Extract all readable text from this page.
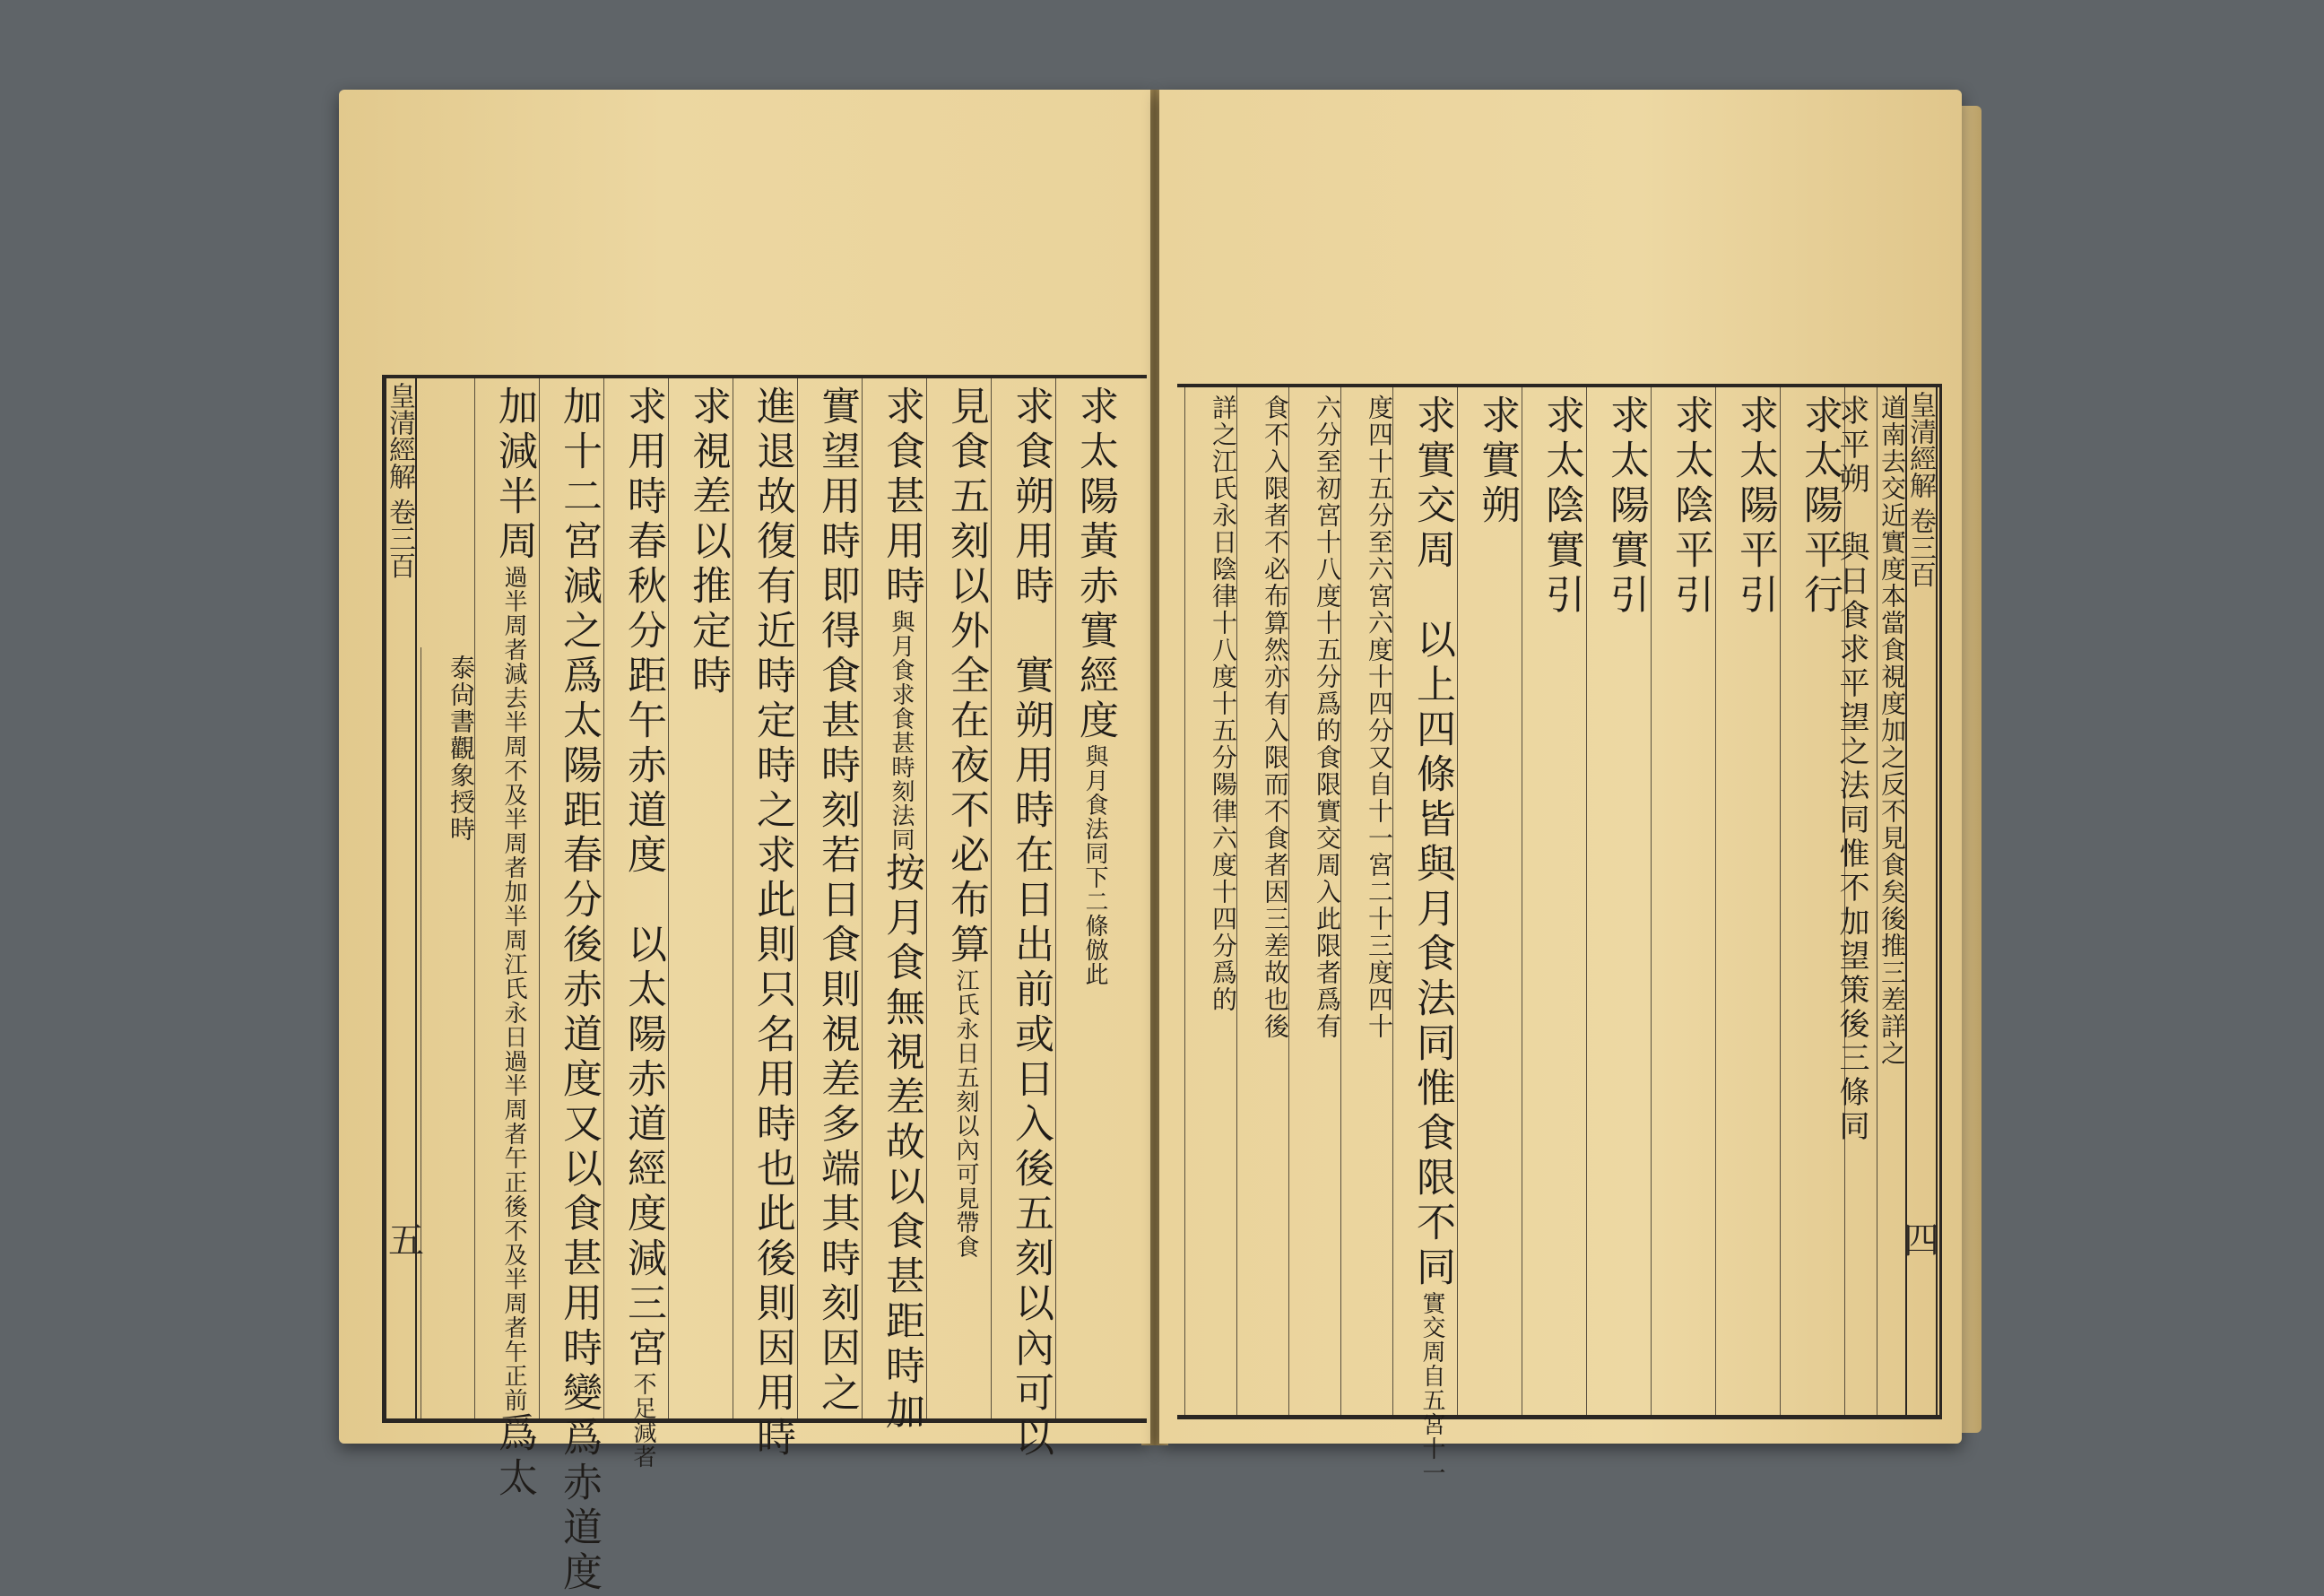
皇清經解 卷三百
五
泰尙書觀象授時
加減半周過半周者減去半周不及半周者加半周江氏永日過半周者午正後不及半周者午正前爲太
加十二宮減之爲太陽距春分後赤道度又以食甚用時變爲赤道度 求用時春秋分距午赤道度　以太陽赤道經度減三宮不足減者
求視差以推定時 進退故復有近時定時之求此則只名用時也此後則因用時 實望用時即得食甚時刻若日食則視差多端其時刻因之 求食甚用時與月食求食甚時刻法同按月食無視差故以食甚距時加
見食五刻以外全在夜不必布算江氏永日五刻以內可見帶食 求食朔用時　實朔用時在日出前或日入後五刻以內可以 求太陽黃赤實經度與月食法同下二條倣此
皇清經解 卷三百
四
詳之江氏永日陰律十八度十五分陽律六度十四分爲的 食不入限者不必布算然亦有入限而不食者因三差故也後 六分至初宮十八度十五分爲的食限實交周入此限者爲有 度四十五分至六宮六度十四分又自十一宮二十三度四十 求實交周　以上四條皆與月食法同惟食限不同實交周自五宮十一
求實朔 求太陰實引 求太陽實引 求太陰平引 求太陽平引 求太陽平行
求平朔　與日食求平望之法同惟不加望策後三條同 道南去交近實度本當食視度加之反不見食矣後推三差詳之
